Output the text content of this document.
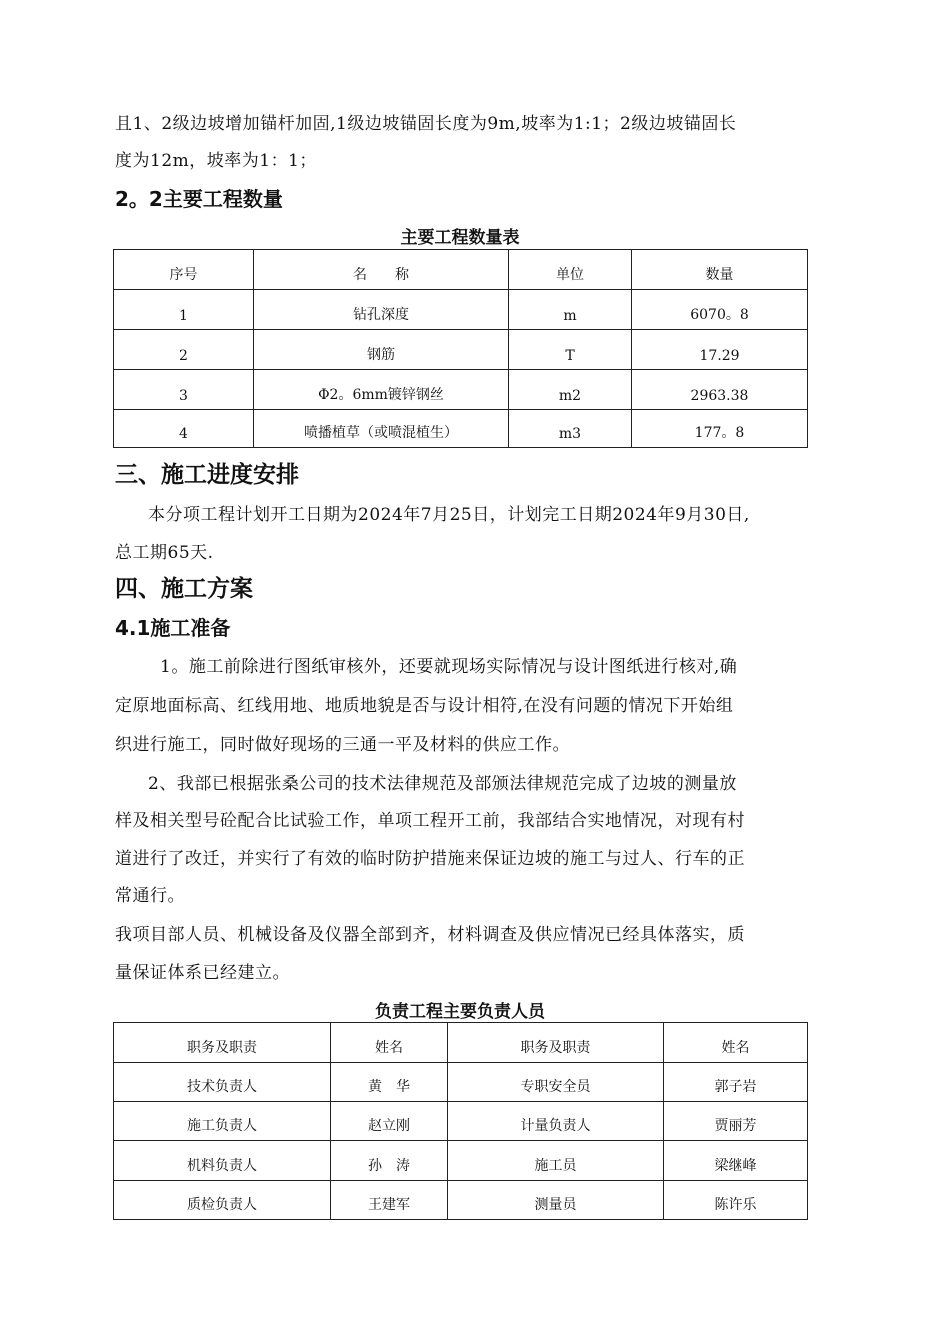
且1、2级边坡增加锚杆加固,1级边坡锚固长度为9m,坡率为1:1；2级边坡锚固长
度为12m，坡率为1：1；
2。2主要工程数量
主要工程数量表
序号	名　　称	单位	数量
1	钻孔深度	m	6070。8
2	钢筋	T	17.29
3	Φ2。6mm镀锌钢丝	m2	2963.38
4	喷播植草（或喷混植生）	m3	177。8
三、施工进度安排
本分项工程计划开工日期为2024年7月25日，计划完工日期2024年9月30日,
总工期65天.
四、施工方案
4.1施工准备
1。施工前除进行图纸审核外，还要就现场实际情况与设计图纸进行核对,确
定原地面标高、红线用地、地质地貌是否与设计相符,在没有问题的情况下开始组
织进行施工，同时做好现场的三通一平及材料的供应工作。
2、我部已根据张桑公司的技术法律规范及部颁法律规范完成了边坡的测量放
样及相关型号砼配合比试验工作，单项工程开工前，我部结合实地情况，对现有村
道进行了改迁，并实行了有效的临时防护措施来保证边坡的施工与过人、行车的正
常通行。
我项目部人员、机械设备及仪器全部到齐，材料调查及供应情况已经具体落实，质
量保证体系已经建立。
负责工程主要负责人员
职务及职责	姓名	职务及职责	姓名
技术负责人	黄　华	专职安全员	郭子岩
施工负责人	赵立刚	计量负责人	贾丽芳
机料负责人	孙　涛	施工员	梁继峰
质检负责人	王建军	测量员	陈许乐
